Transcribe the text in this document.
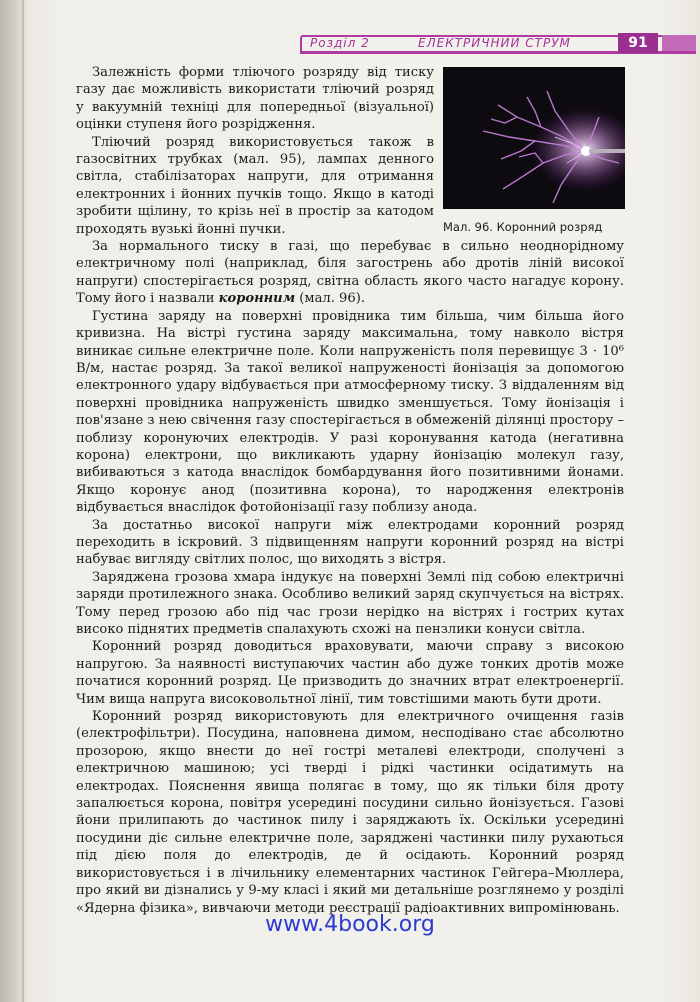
Розділ 2	ЕЛЕКТРИЧНИЙ СТРУМ	91
Мал. 96. Коронний розряд

Залежність форми тліючого розряду від тиску газу дає можливість використати тліючий розряд у вакуумній техніці для попередньої (візуальної) оцінки ступеня його розрідження.

Тліючий розряд використовується також в газосвітних трубках (мал. 95), лампах денного світла, стабілізаторах напруги, для отримання електронних і йонних пучків тощо. Якщо в катоді зробити щілину, то крізь неї в простір за катодом проходять вузькі йонні пучки.

За нормального тиску в газі, що перебуває в сильно неоднорідному електричному полі (наприклад, біля загострень або дротів ліній високої напруги) спостерігається розряд, світна область якого часто нагадує корону. Тому його і назвали коронним (мал. 96).

Густина заряду на поверхні провідника тим більша, чим більша його кривизна. На вістрі густина заряду максимальна, тому навколо вістря виникає сильне електричне поле. Коли напруженість поля перевищує 3 · 10⁶ В/м, настає розряд. За такої великої напруженості йонізація за допомогою електронного удару відбувається при атмосферному тиску. З віддаленням від поверхні провідника напруженість швидко зменшується. Тому йонізація і пов'язане з нею свічення газу спостерігається в обмеженій ділянці простору – поблизу коронуючих електродів. У разі коронування катода (негативна корона) електрони, що викликають ударну йонізацію молекул газу, вибиваються з катода внаслідок бомбардування його позитивними йонами. Якщо коронує анод (позитивна корона), то народження електронів відбувається внаслідок фотойонізації газу поблизу анода.

За достатньо високої напруги між електродами коронний розряд переходить в іскровий. З підвищенням напруги коронний розряд на вістрі набуває вигляду світлих полос, що виходять з вістря.

Заряджена грозова хмара індукує на поверхні Землі під собою електричні заряди протилежного знака. Особливо великий заряд скупчується на вістрях. Тому перед грозою або під час грози нерідко на вістрях і гострих кутах високо піднятих предметів спалахують схожі на пензлики конуси світла.

Коронний розряд доводиться враховувати, маючи справу з високою напругою. За наявності виступаючих частин або дуже тонких дротів може початися коронний розряд. Це призводить до значних втрат електроенергії. Чим вища напруга високовольтної лінії, тим товстішими мають бути дроти.

Коронний розряд використовують для електричного очищення газів (електрофільтри). Посудина, наповнена димом, несподівано стає абсолютно прозорою, якщо внести до неї гострі металеві електроди, сполучені з електричною машиною; усі тверді і рідкі частинки осідатимуть на електродах. Пояснення явища полягає в тому, що як тільки біля дроту запалюється корона, повітря усередині посудини сильно йонізується. Газові йони прилипають до частинок пилу і заряджають їх. Оскільки усередині посудини діє сильне електричне поле, заряджені частинки пилу рухаються під дією поля до електродів, де й осідають. Коронний розряд використовується і в лічильнику елементарних частинок Гейгера–Мюллера, про який ви дізнались у 9-му класі і який ми детальніше розглянемо у розділі «Ядерна фізика», вивчаючи методи реєстрації радіоактивних випромінювань.

www.4book.org
